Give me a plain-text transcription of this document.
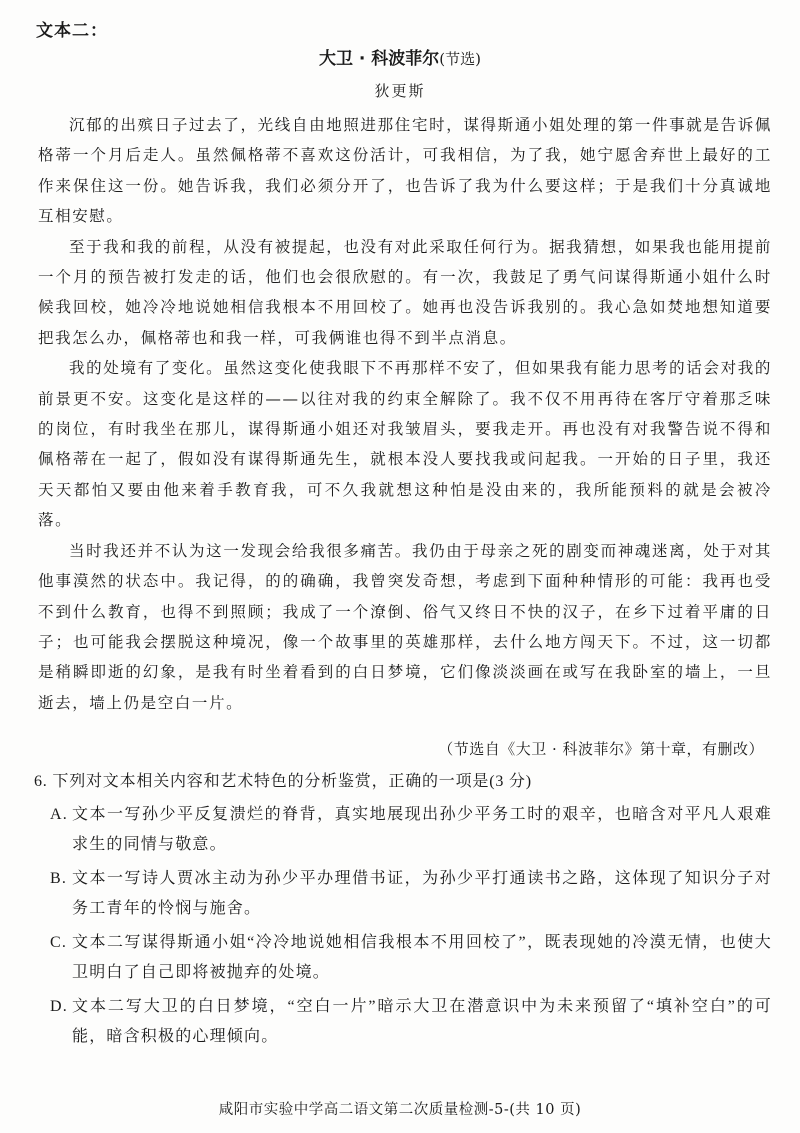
文本二：
大卫 · 科波菲尔(节选)
狄更斯

沉郁的出殡日子过去了，光线自由地照进那住宅时，谋得斯通小姐处理的第一件事就是告诉佩格蒂一个月后走人。虽然佩格蒂不喜欢这份活计，可我相信，为了我，她宁愿舍弃世上最好的工作来保住这一份。她告诉我，我们必须分开了，也告诉了我为什么要这样；于是我们十分真诚地互相安慰。

至于我和我的前程，从没有被提起，也没有对此采取任何行为。据我猜想，如果我也能用提前一个月的预告被打发走的话，他们也会很欣慰的。有一次，我鼓足了勇气问谋得斯通小姐什么时候我回校，她冷冷地说她相信我根本不用回校了。她再也没告诉我别的。我心急如焚地想知道要把我怎么办，佩格蒂也和我一样，可我俩谁也得不到半点消息。

我的处境有了变化。虽然这变化使我眼下不再那样不安了，但如果我有能力思考的话会对我的前景更不安。这变化是这样的——以往对我的约束全解除了。我不仅不用再待在客厅守着那乏味的岗位，有时我坐在那儿，谋得斯通小姐还对我皱眉头，要我走开。再也没有对我警告说不得和佩格蒂在一起了，假如没有谋得斯通先生，就根本没人要找我或问起我。一开始的日子里，我还天天都怕又要由他来着手教育我，可不久我就想这种怕是没由来的，我所能预料的就是会被冷落。

当时我还并不认为这一发现会给我很多痛苦。我仍由于母亲之死的剧变而神魂迷离，处于对其他事漠然的状态中。我记得，的的确确，我曾突发奇想，考虑到下面种种情形的可能：我再也受不到什么教育，也得不到照顾；我成了一个潦倒、俗气又终日不快的汉子，在乡下过着平庸的日子；也可能我会摆脱这种境况，像一个故事里的英雄那样，去什么地方闯天下。不过，这一切都是稍瞬即逝的幻象，是我有时坐着看到的白日梦境，它们像淡淡画在或写在我卧室的墙上，一旦逝去，墙上仍是空白一片。

（节选自《大卫 · 科波菲尔》第十章，有删改）
6. 下列对文本相关内容和艺术特色的分析鉴赏，正确的一项是(3 分)
A. 文本一写孙少平反复溃烂的脊背，真实地展现出孙少平务工时的艰辛，也暗含对平凡人艰难求生的同情与敬意。
B. 文本一写诗人贾冰主动为孙少平办理借书证，为孙少平打通读书之路，这体现了知识分子对务工青年的怜悯与施舍。
C. 文本二写谋得斯通小姐“冷冷地说她相信我根本不用回校了”，既表现她的冷漠无情，也使大卫明白了自己即将被抛弃的处境。
D. 文本二写大卫的白日梦境，“空白一片”暗示大卫在潜意识中为未来预留了“填补空白”的可能，暗含积极的心理倾向。
咸阳市实验中学高二语文第二次质量检测-5-(共 10 页)
